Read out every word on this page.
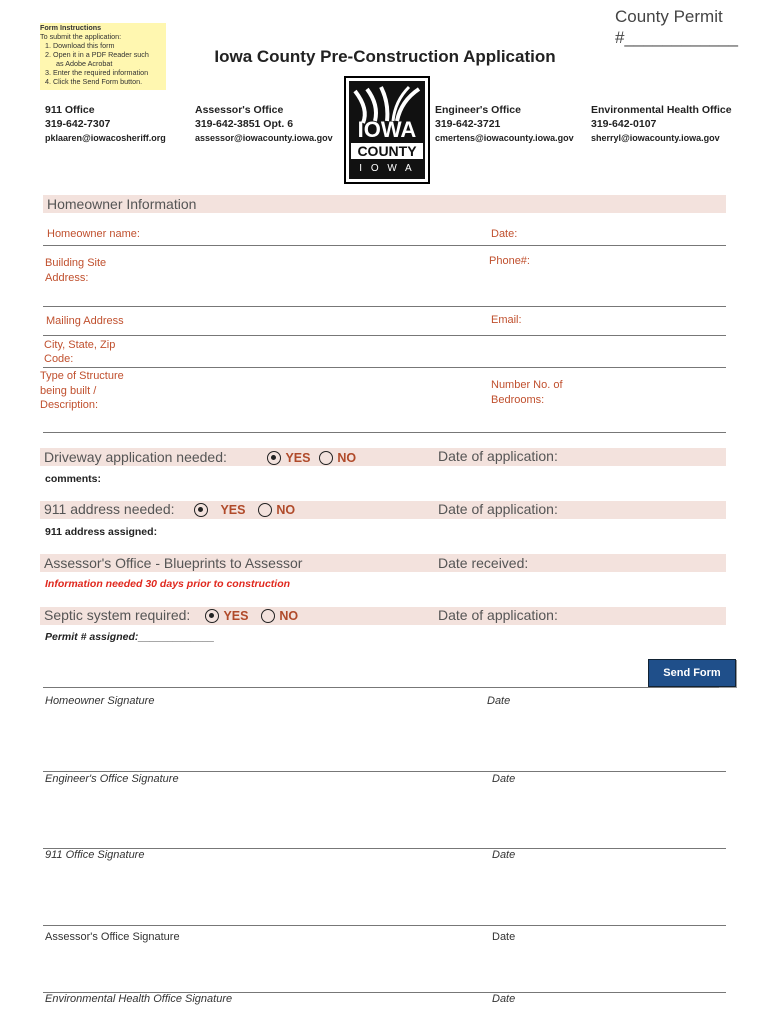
Form Instructions
To submit the application:
1. Download this form
2. Open it in a PDF Reader such
as Adobe Acrobat
3. Enter the required information
4. Click the Send Form button.
County Permit
#____________
Iowa County Pre-Construction Application
911 Office
319-642-7307
pklaaren@iowacosheriff.org
Assessor's Office
319-642-3851 Opt. 6
assessor@iowacounty.iowa.gov
Engineer's Office
319-642-3721
cmertens@iowacounty.iowa.gov
Environmental Health Office
319-642-0107
sherryl@iowacounty.iowa.gov
IOWA
COUNTY
I O W A
Homeowner Information
Homeowner name:	Date:
Building Site
Address:
Phone#:
Mailing Address	Email:
City, State, Zip
Code:
Type of Structure
being built /
Description:
Number No. of
Bedrooms:
Driveway application needed:	YES NO	Date of application:
comments:
911 address needed:	YES NO	Date of application:
911 address assigned:
Assessor's Office - Blueprints to Assessor	Date received:
Information needed 30 days prior to construction
Septic system required:	YES NO	Date of application:
Permit # assigned:_____________
Send Form
Homeowner Signature	Date
Engineer's Office Signature	Date
911 Office Signature	Date
Assessor's Office Signature	Date
Environmental Health Office Signature	Date
